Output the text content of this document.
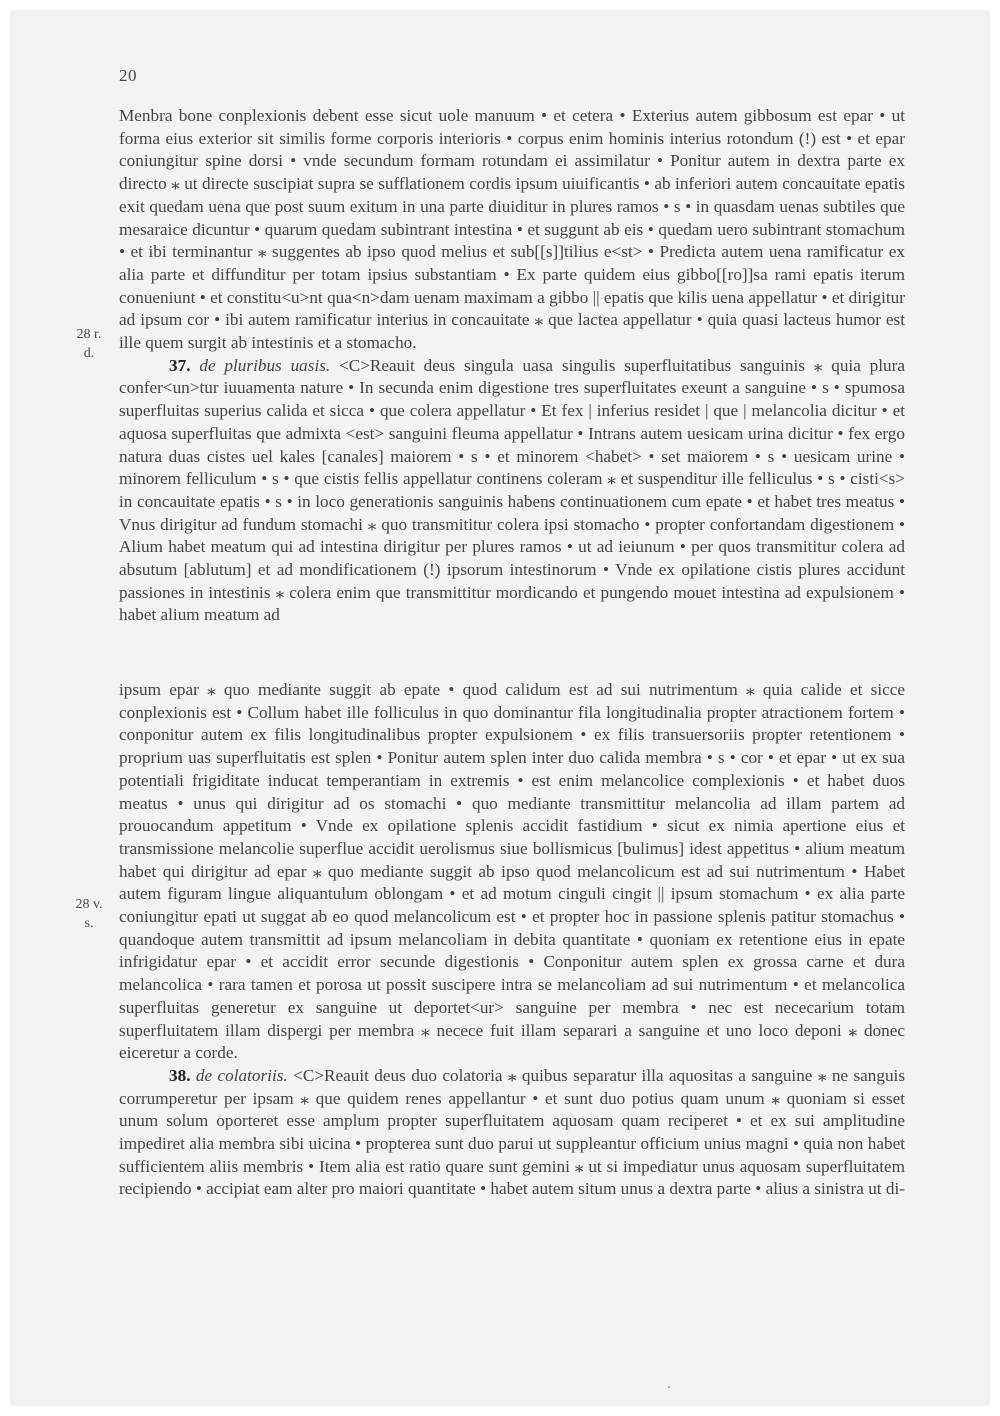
20
28 r.
d.
28 v.
s.

Menbra bone conplexionis debent esse sicut uole manuum • et cetera • Exterius autem gibbosum est epar • ut forma eius exterior sit similis forme corporis interioris • corpus enim hominis interius rotondum (!) est • et epar coniungitur spine dorsi • vnde secundum formam rotundam ei assimilatur • Ponitur autem in dextra parte ex directo ⁎ ut directe suscipiat supra se sufflationem cordis ipsum uiuificantis • ab inferiori autem concauitate epatis exit quedam uena que post suum exitum in una parte diuiditur in plures ramos • s • in quasdam uenas subtiles que mesaraice dicuntur • quarum quedam subintrant intestina • et suggunt ab eis • quedam uero subintrant stomachum • et ibi terminantur ⁎ suggentes ab ipso quod melius et sub[[s]]tilius e<st> • Predicta autem uena ramificatur ex alia parte et diffunditur per totam ipsius substantiam • Ex parte quidem eius gibbo[[ro]]sa rami epatis iterum conueniunt • et constitu<u>nt qua<n>dam uenam maximam a gibbo || epatis que kilis uena appellatur • et dirigitur ad ipsum cor • ibi autem ramificatur interius in concauitate ⁎ que lactea appellatur • quia quasi lacteus humor est ille quem surgit ab intestinis et a stomacho.

37. de pluribus uasis. <C>Reauit deus singula uasa singulis superfluitatibus sanguinis ⁎ quia plura confer<un>tur iuuamenta nature • In secunda enim digestione tres superfluitates exeunt a sanguine • s • spumosa superfluitas superius calida et sicca • que colera appellatur • Et fex | inferius residet | que | melancolia dicitur • et aquosa superfluitas que admixta <est> sanguini fleuma appellatur • Intrans autem uesicam urina dicitur • fex ergo natura duas cistes uel kales [canales] maiorem • s • et minorem <habet> • set maiorem • s • uesicam urine • minorem felliculum • s • que cistis fellis appellatur continens coleram ⁎ et suspenditur ille felliculus • s • cisti<s> in concauitate epatis • s • in loco generationis sanguinis habens continuationem cum epate • et habet tres meatus • Vnus dirigitur ad fundum stomachi ⁎ quo transmititur colera ipsi stomacho • propter confortandam digestionem • Alium habet meatum qui ad intestina dirigitur per plures ramos • ut ad ieiunum • per quos transmititur colera ad absutum [ablutum] et ad mondificationem (!) ipsorum intestinorum • Vnde ex opilatione cistis plures accidunt passiones in intestinis ⁎ colera enim que transmittitur mordicando et pungendo mouet intestina ad expulsionem • habet alium meatum ad

ipsum epar ⁎ quo mediante suggit ab epate • quod calidum est ad sui nutrimentum ⁎ quia calide et sicce conplexionis est • Collum habet ille folliculus in quo dominantur fila longitudinalia propter atractionem fortem • conponitur autem ex filis longitudinalibus propter expulsionem • ex filis transuersoriis propter retentionem • proprium uas superfluitatis est splen • Ponitur autem splen inter duo calida membra • s • cor • et epar • ut ex sua potentiali frigiditate inducat temperantiam in extremis • est enim melancolice complexionis • et habet duos meatus • unus qui dirigitur ad os stomachi • quo mediante transmittitur melancolia ad illam partem ad prouocandum appetitum • Vnde ex opilatione splenis accidit fastidium • sicut ex nimia apertione eius et transmissione melancolie superflue accidit uerolismus siue bollismicus [bulimus] idest appetitus • alium meatum habet qui dirigitur ad epar ⁎ quo mediante suggit ab ipso quod melancolicum est ad sui nutrimentum • Habet autem figuram lingue aliquantulum oblongam • et ad motum cinguli cingit || ipsum stomachum • ex alia parte coniungitur epati ut suggat ab eo quod melancolicum est • et propter hoc in passione splenis patitur stomachus • quandoque autem transmittit ad ipsum melancoliam in debita quantitate • quoniam ex retentione eius in epate infrigidatur epar • et accidit error secunde digestionis • Conponitur autem splen ex grossa carne et dura melancolica • rara tamen et porosa ut possit suscipere intra se melancoliam ad sui nutrimentum • et melancolica superfluitas generetur ex sanguine ut deportet<ur> sanguine per membra • nec est nececarium totam superfluitatem illam dispergi per membra ⁎ necece fuit illam separari a sanguine et uno loco deponi ⁎ donec eiceretur a corde.

38. de colatoriis. <C>Reauit deus duo colatoria ⁎ quibus separatur illa aquositas a sanguine ⁎ ne sanguis corrumperetur per ipsam ⁎ que quidem renes appellantur • et sunt duo potius quam unum ⁎ quoniam si esset unum solum oporteret esse amplum propter superfluitatem aquosam quam reciperet • et ex sui amplitudine impediret alia membra sibi uicina • propterea sunt duo parui ut suppleantur officium unius magni • quia non habet sufficientem aliis membris • Item alia est ratio quare sunt gemini ⁎ ut si impediatur unus aquosam superfluitatem recipiendo • accipiat eam alter pro maiori quantitate • habet autem situm unus a dextra parte • alius a sinistra ut di-
